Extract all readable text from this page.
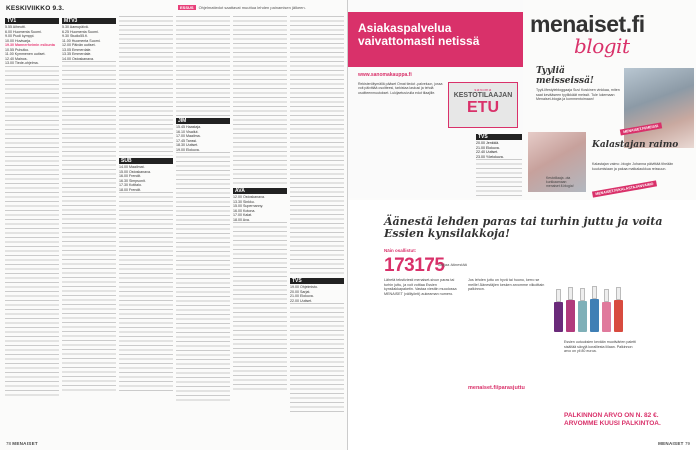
KESKIVIIKKO 9.3.	ESSUS	Ohjelmatiedot saattavat muuttua lehden painamisen jälkeen.
TV1
5.55 Aiheutti.
6.00 Huomenta Suomi.
9.00 Puoli kymppi.
10.00 Huvisarja.
19.30 Mannerheimin esikunta
10.55 Puhutko.
11.00 Kymmenen uutiset.
12.40 Mainos.
13.00 Tiede-ohjelma.
MTV3
5.30 Aamupäivä.
6.25 Huomenta Suomi.
9.30 Studio55.fi.
11.00 Huomenta Suomi.
12.00 Päivän uutiset.
13.05 Emmerdale.
13.35 Emmerdale.
14.00 Ostoskanava.
SUB
14.00 Maailmat.
15.00 Ostoskanava.
16.00 Frendit.
16.30 Simpsonit.
17.30 Kotitalo.
18.00 Frendit.
JIM
15.45 Haastaja.
16.10 Visailut.
17.00 Maailma.
17.45 Tanssi.
18.30 Uutiset.
19.00 Elokuva.
AVA
12.00 Ostoskanava.
13.30 Sinkku.
15.00 Supernanny.
16.00 Kotona.
17.00 Kalat.
18.00 Ava.
TVS
19.00 Ohjelmisto.
20.00 Sarjat.
21.00 Elokuva.
22.00 Uutiset.
78 MENAISET
Asiakaspalvelua vaivattomasti netissä
www.sanomakauppa.fi
Rekisteröitymällä pääset Omat tiedot ‑palveluun, jossa voit päivittää osoitteesi, tarkistaa laskusi ja tehdä osoitteenmuutokset. Lukijaetusivulla edut tilaajille.
sanoma
KESTOTILAAJAN
ETU
TVS
20.00 Jenkkiä.
21.00 Elokuva.
22.40 Uutiset.
23.00 Yöelokuva.
menaiset.fi
blogit
Tyyliä meisseissä!
Tyyli‑lifestylebloggaaja Suvi Koskinen vinkkaa, miten saat kevääseen tyylikkäät meissit. Tule lukemaan Menaiset‑blogia ja kommentoimaan!
MENAISET.FI/MEISSI
Kestotilaaja ‑ota kurkkaamaan menaiset.fi‑blogia!
Kalastajan raimo
Kalastajan vaimo ‑blogin Johanna päivittää tiheään kuulumisiaan ja pakaa matkalaukkua reissuun.
MENAISET.FI/KALASTAJANVAIMO
Äänestä lehden paras tai turhin juttu ja voita Essien kynsilakkoja!
Näin osallistut:
173175
lukijaa äänestää
Lähetä tekstiviesti menaiset-sivun paras tai turhin juttu, ja voit voittaa Essien kynsilakkapaketin. Vastaa viestiin muodossa MENAISET (välilyönti) aukeaman numero.
Jos lehden juttu on hyvä tai huono, kerro se meille! Äänestäjien kesken arvomme viikoittain palkinnon.
menaiset.fi/parasjuttu
Essien uutuuksien kevään muotivärien paletti sisältää sävyjä koralliesta liilaan. Palkinnon arvo on yli 80 euroa.
PALKINNON ARVO ON N. 82 €. ARVOMME KUUSI PALKINTOA.
MENAISET 79
